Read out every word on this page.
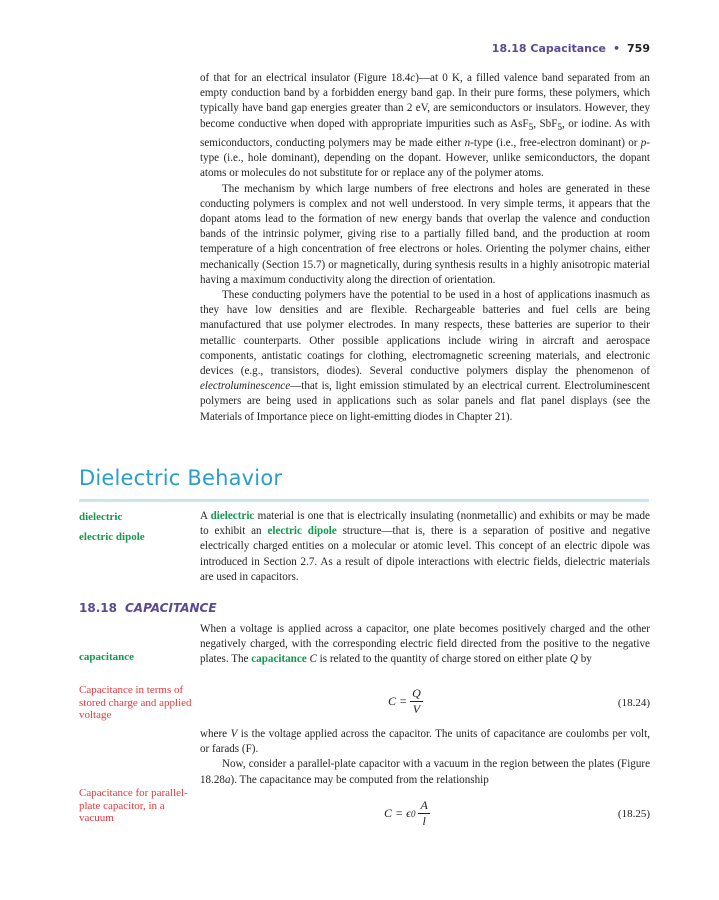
18.18 Capacitance • 759

of that for an electrical insulator (Figure 18.4c)—at 0 K, a filled valence band separated from an empty conduction band by a forbidden energy band gap. In their pure forms, these polymers, which typically have band gap energies greater than 2 eV, are semiconductors or insulators. However, they become conductive when doped with appropriate impurities such as AsF$_5$, SbF$_5$, or iodine. As with semiconductors, conducting polymers may be made either n-type (i.e., free-electron dominant) or p-type (i.e., hole dominant), depending on the dopant. However, unlike semiconductors, the dopant atoms or molecules do not substitute for or replace any of the polymer atoms.

The mechanism by which large numbers of free electrons and holes are generated in these conducting polymers is complex and not well understood. In very simple terms, it appears that the dopant atoms lead to the formation of new energy bands that overlap the valence and conduction bands of the intrinsic polymer, giving rise to a partially filled band, and the production at room temperature of a high concentration of free electrons or holes. Orienting the polymer chains, either mechanically (Section 15.7) or magnetically, during synthesis results in a highly anisotropic material having a maximum conductivity along the direction of orientation.

These conducting polymers have the potential to be used in a host of applications inasmuch as they have low densities and are flexible. Rechargeable batteries and fuel cells are being manufactured that use polymer electrodes. In many respects, these batteries are superior to their metallic counterparts. Other possible applications include wiring in aircraft and aerospace components, antistatic coatings for clothing, electromagnetic screening materials, and electronic devices (e.g., transistors, diodes). Several conductive polymers display the phenomenon of electroluminescence—that is, light emission stimulated by an electrical current. Electroluminescent polymers are being used in applications such as solar panels and flat panel displays (see the Materials of Importance piece on light-emitting diodes in Chapter 21).

Dielectric Behavior
dielectric
electric dipole

A dielectric material is one that is electrically insulating (nonmetallic) and exhibits or may be made to exhibit an electric dipole structure—that is, there is a separation of positive and negative electrically charged entities on a molecular or atomic level. This concept of an electric dipole was introduced in Section 2.7. As a result of dipole interactions with electric fields, dielectric materials are used in capacitors.

18.18 CAPACITANCE
capacitance
Capacitance in terms of stored charge and applied voltage
Capacitance for parallel-plate capacitor, in a vacuum

When a voltage is applied across a capacitor, one plate becomes positively charged and the other negatively charged, with the corresponding electric field directed from the positive to the negative plates. The capacitance C is related to the quantity of charge stored on either plate Q by

$C = \frac{Q}{V}$	(18.24)

where V is the voltage applied across the capacitor. The units of capacitance are coulombs per volt, or farads (F).

Now, consider a parallel-plate capacitor with a vacuum in the region between the plates (Figure 18.28a). The capacitance may be computed from the relationship

C = ϵ $0 \frac{A}{l}$	(18.25)
